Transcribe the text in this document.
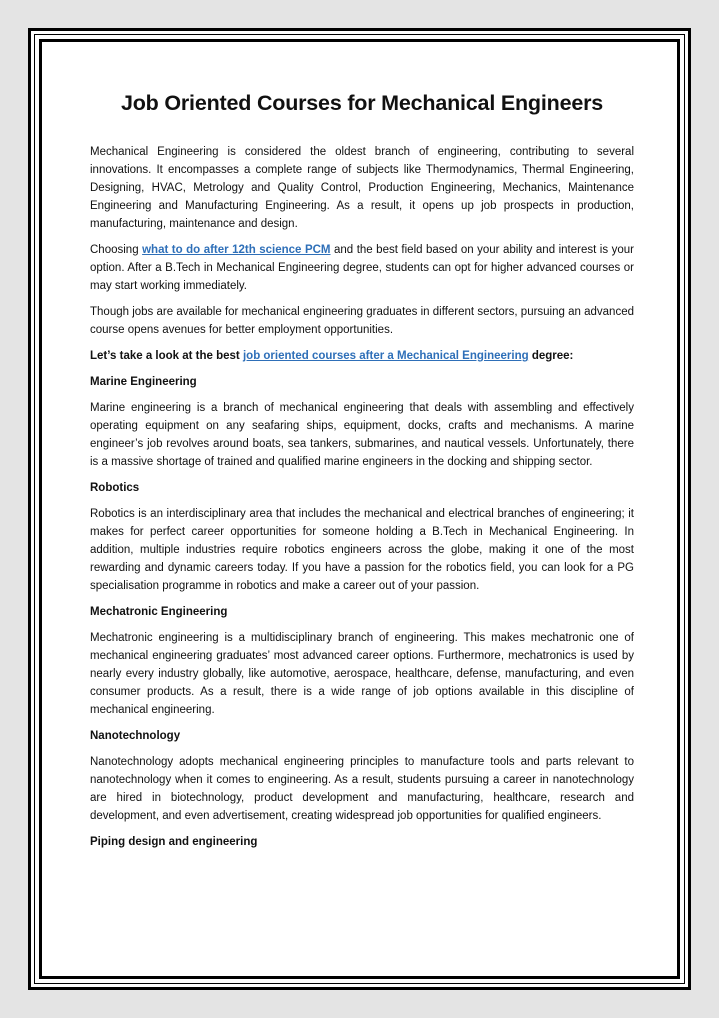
Job Oriented Courses for Mechanical Engineers

Mechanical Engineering is considered the oldest branch of engineering, contributing to several innovations. It encompasses a complete range of subjects like Thermodynamics, Thermal Engineering, Designing, HVAC, Metrology and Quality Control, Production Engineering, Mechanics, Maintenance Engineering and Manufacturing Engineering. As a result, it opens up job prospects in production, manufacturing, maintenance and design.

Choosing what to do after 12th science PCM and the best field based on your ability and interest is your option. After a B.Tech in Mechanical Engineering degree, students can opt for higher advanced courses or may start working immediately.

Though jobs are available for mechanical engineering graduates in different sectors, pursuing an advanced course opens avenues for better employment opportunities.

Let’s take a look at the best job oriented courses after a Mechanical Engineering degree:

Marine Engineering

Marine engineering is a branch of mechanical engineering that deals with assembling and effectively operating equipment on any seafaring ships, equipment, docks, crafts and mechanisms. A marine engineer’s job revolves around boats, sea tankers, submarines, and nautical vessels. Unfortunately, there is a massive shortage of trained and qualified marine engineers in the docking and shipping sector.

Robotics

Robotics is an interdisciplinary area that includes the mechanical and electrical branches of engineering; it makes for perfect career opportunities for someone holding a B.Tech in Mechanical Engineering. In addition, multiple industries require robotics engineers across the globe, making it one of the most rewarding and dynamic careers today. If you have a passion for the robotics field, you can look for a PG specialisation programme in robotics and make a career out of your passion.

Mechatronic Engineering

Mechatronic engineering is a multidisciplinary branch of engineering. This makes mechatronic one of mechanical engineering graduates’ most advanced career options. Furthermore, mechatronics is used by nearly every industry globally, like automotive, aerospace, healthcare, defense, manufacturing, and even consumer products. As a result, there is a wide range of job options available in this discipline of mechanical engineering.

Nanotechnology

Nanotechnology adopts mechanical engineering principles to manufacture tools and parts relevant to nanotechnology when it comes to engineering. As a result, students pursuing a career in nanotechnology are hired in biotechnology, product development and manufacturing, healthcare, research and development, and even advertisement, creating widespread job opportunities for qualified engineers.

Piping design and engineering
